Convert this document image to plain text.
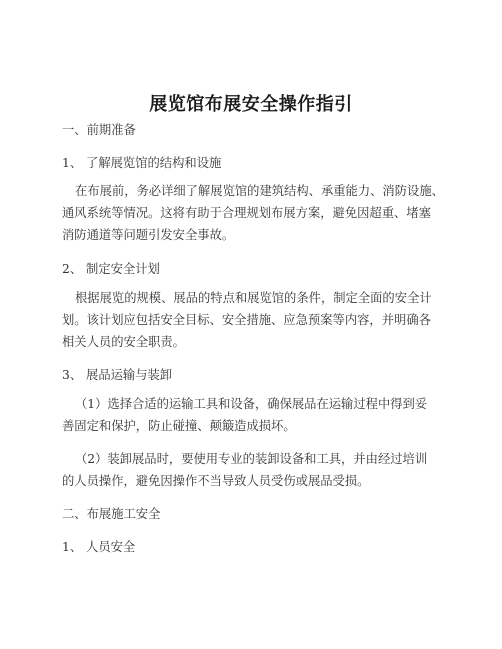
展览馆布展安全操作指引
一、前期准备
1、 了解展览馆的结构和设施
在布展前，务必详细了解展览馆的建筑结构、承重能力、消防设施、
通风系统等情况。这将有助于合理规划布展方案，避免因超重、堵塞
消防通道等问题引发安全事故。
2、 制定安全计划
根据展览的规模、展品的特点和展览馆的条件，制定全面的安全计
划。该计划应包括安全目标、安全措施、应急预案等内容，并明确各
相关人员的安全职责。
3、 展品运输与装卸
（1）选择合适的运输工具和设备，确保展品在运输过程中得到妥
善固定和保护，防止碰撞、颠簸造成损坏。
（2）装卸展品时，要使用专业的装卸设备和工具，并由经过培训
的人员操作，避免因操作不当导致人员受伤或展品受损。
二、布展施工安全
1、 人员安全
